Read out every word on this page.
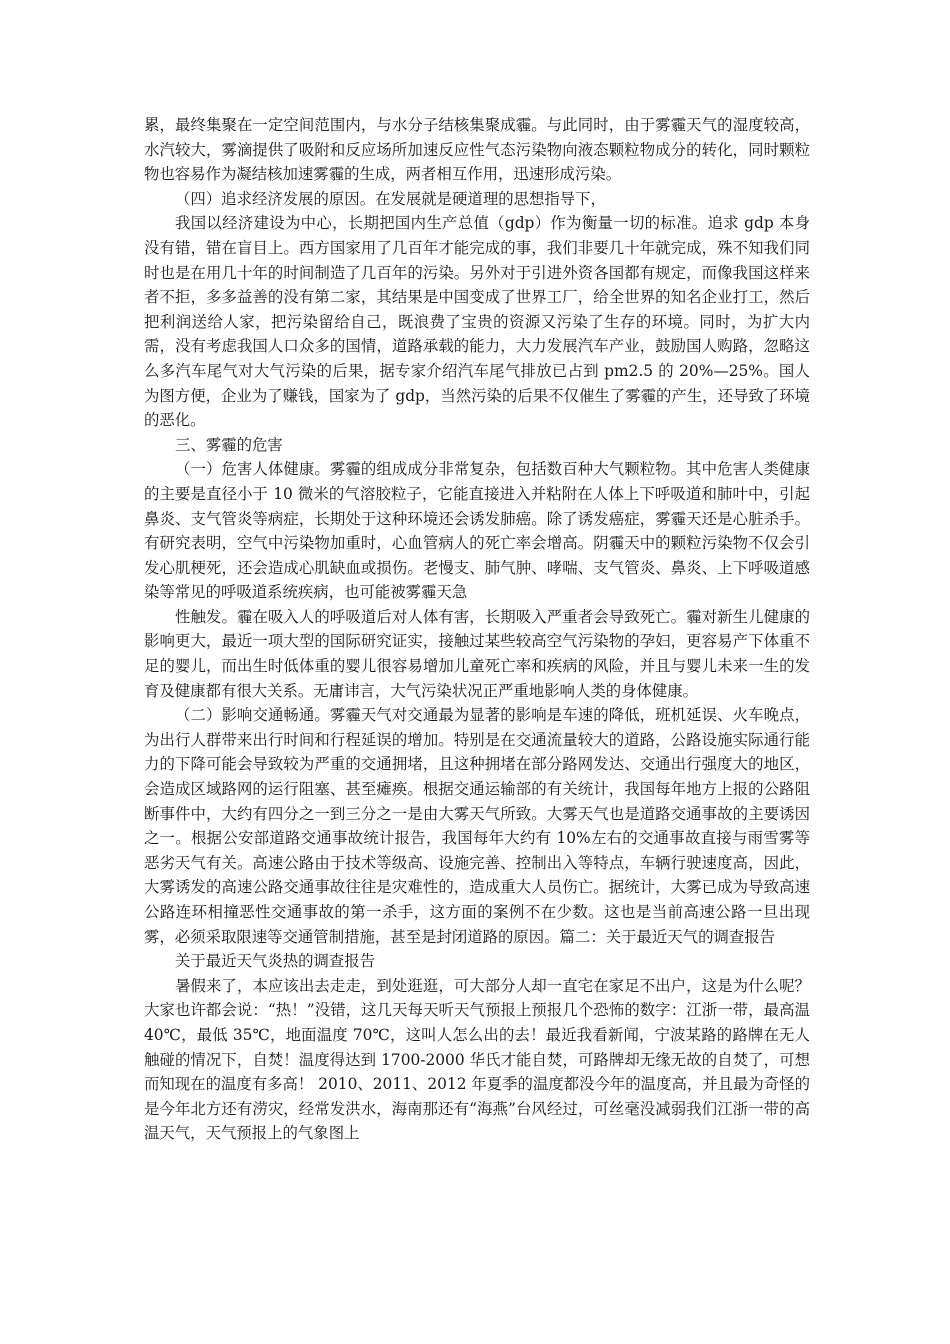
累，最终集聚在一定空间范围内，与水分子结核集聚成霾。与此同时，由于雾霾天气的湿度较高，水汽较大，雾滴提供了吸附和反应场所加速反应性气态污染物向液态颗粒物成分的转化，同时颗粒物也容易作为凝结核加速雾霾的生成，两者相互作用，迅速形成污染。

（四）追求经济发展的原因。在发展就是硬道理的思想指导下，

我国以经济建设为中心，长期把国内生产总值（gdp）作为衡量一切的标准。追求 gdp 本身没有错，错在盲目上。西方国家用了几百年才能完成的事，我们非要几十年就完成，殊不知我们同时也是在用几十年的时间制造了几百年的污染。另外对于引进外资各国都有规定，而像我国这样来者不拒，多多益善的没有第二家，其结果是中国变成了世界工厂，给全世界的知名企业打工，然后把利润送给人家，把污染留给自己，既浪费了宝贵的资源又污染了生存的环境。同时，为扩大内需，没有考虑我国人口众多的国情，道路承载的能力，大力发展汽车产业，鼓励国人购路，忽略这么多汽车尾气对大气污染的后果，据专家介绍汽车尾气排放已占到 pm2.5 的 20%—25%。国人为图方便，企业为了赚钱，国家为了 gdp，当然污染的后果不仅催生了雾霾的产生，还导致了环境的恶化。

三、雾霾的危害

（一）危害人体健康。雾霾的组成成分非常复杂，包括数百种大气颗粒物。其中危害人类健康的主要是直径小于 10 微米的气溶胶粒子，它能直接进入并粘附在人体上下呼吸道和肺叶中，引起鼻炎、支气管炎等病症，长期处于这种环境还会诱发肺癌。除了诱发癌症，雾霾天还是心脏杀手。有研究表明，空气中污染物加重时，心血管病人的死亡率会增高。阴霾天中的颗粒污染物不仅会引发心肌梗死，还会造成心肌缺血或损伤。老慢支、肺气肿、哮喘、支气管炎、鼻炎、上下呼吸道感染等常见的呼吸道系统疾病，也可能被雾霾天急

性触发。霾在吸入人的呼吸道后对人体有害，长期吸入严重者会导致死亡。霾对新生儿健康的影响更大，最近一项大型的国际研究证实，接触过某些较高空气污染物的孕妇，更容易产下体重不足的婴儿，而出生时低体重的婴儿很容易增加儿童死亡率和疾病的风险，并且与婴儿未来一生的发育及健康都有很大关系。无庸讳言，大气污染状况正严重地影响人类的身体健康。

（二）影响交通畅通。雾霾天气对交通最为显著的影响是车速的降低，班机延误、火车晚点，为出行人群带来出行时间和行程延误的增加。特别是在交通流量较大的道路，公路设施实际通行能力的下降可能会导致较为严重的交通拥堵，且这种拥堵在部分路网发达、交通出行强度大的地区，会造成区域路网的运行阻塞、甚至瘫痪。根据交通运输部的有关统计，我国每年地方上报的公路阻断事件中，大约有四分之一到三分之一是由大雾天气所致。大雾天气也是道路交通事故的主要诱因之一。根据公安部道路交通事故统计报告，我国每年大约有 10%左右的交通事故直接与雨雪雾等恶劣天气有关。高速公路由于技术等级高、设施完善、控制出入等特点，车辆行驶速度高，因此，大雾诱发的高速公路交通事故往往是灾难性的，造成重大人员伤亡。据统计，大雾已成为导致高速公路连环相撞恶性交通事故的第一杀手，这方面的案例不在少数。这也是当前高速公路一旦出现雾，必须采取限速等交通管制措施，甚至是封闭道路的原因。篇二：关于最近天气的调查报告

关于最近天气炎热的调查报告

暑假来了，本应该出去走走，到处逛逛，可大部分人却一直宅在家足不出户，这是为什么呢？大家也许都会说：“热！”没错，这几天每天听天气预报上预报几个恐怖的数字：江浙一带，最高温 40℃，最低 35℃，地面温度 70℃，这叫人怎么出的去！最近我看新闻，宁波某路的路牌在无人触碰的情况下，自焚！温度得达到 1700-2000 华氏才能自焚，可路牌却无缘无故的自焚了，可想而知现在的温度有多高！ 2010、2011、2012 年夏季的温度都没今年的温度高，并且最为奇怪的是今年北方还有涝灾，经常发洪水，海南那还有“海燕”台风经过，可丝毫没减弱我们江浙一带的高温天气，天气预报上的气象图上
